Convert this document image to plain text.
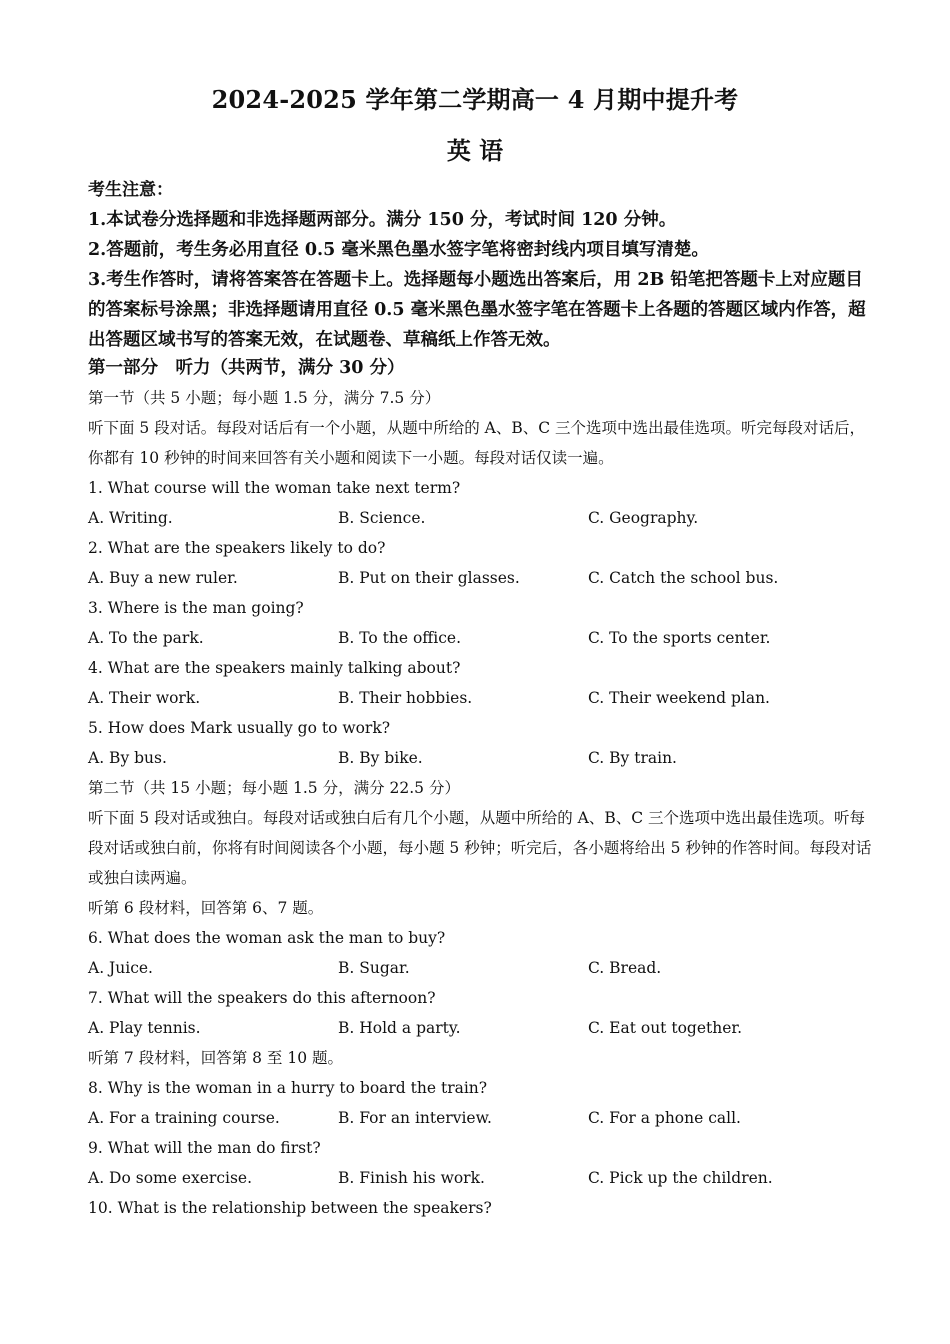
2024-2025 学年第二学期高一 4 月期中提升考
英 语
考生注意：
1.本试卷分选择题和非选择题两部分。满分 150 分，考试时间 120 分钟。
2.答题前，考生务必用直径 0.5 毫米黑色墨水签字笔将密封线内项目填写清楚。
3.考生作答时，请将答案答在答题卡上。选择题每小题选出答案后，用 2B 铅笔把答题卡上对应题目的答案标号涂黑；非选择题请用直径 0.5 毫米黑色墨水签字笔在答题卡上各题的答题区域内作答，超出答题区域书写的答案无效，在试题卷、草稿纸上作答无效。
第一部分　听力（共两节，满分 30 分）
第一节（共 5 小题；每小题 1.5 分，满分 7.5 分）
听下面 5 段对话。每段对话后有一个小题，从题中所给的 A、B、C 三个选项中选出最佳选项。听完每段对话后，你都有 10 秒钟的时间来回答有关小题和阅读下一小题。每段对话仅读一遍。
1. What course will the woman take next term?
A. Writing.	B. Science.	C. Geography.
2. What are the speakers likely to do?
A. Buy a new ruler.	B. Put on their glasses.	C. Catch the school bus.
3. Where is the man going?
A. To the park.	B. To the office.	C. To the sports center.
4. What are the speakers mainly talking about?
A. Their work.	B. Their hobbies.	C. Their weekend plan.
5. How does Mark usually go to work?
A. By bus.	B. By bike.	C. By train.
第二节（共 15 小题；每小题 1.5 分，满分 22.5 分）
听下面 5 段对话或独白。每段对话或独白后有几个小题，从题中所给的 A、B、C 三个选项中选出最佳选项。听每段对话或独白前，你将有时间阅读各个小题，每小题 5 秒钟；听完后，各小题将给出 5 秒钟的作答时间。每段对话或独白读两遍。
听第 6 段材料，回答第 6、7 题。
6. What does the woman ask the man to buy?
A. Juice.	B. Sugar.	C. Bread.
7. What will the speakers do this afternoon?
A. Play tennis.	B. Hold a party.	C. Eat out together.
听第 7 段材料，回答第 8 至 10 题。
8. Why is the woman in a hurry to board the train?
A. For a training course.	B. For an interview.	C. For a phone call.
9. What will the man do first?
A. Do some exercise.	B. Finish his work.	C. Pick up the children.
10. What is the relationship between the speakers?
